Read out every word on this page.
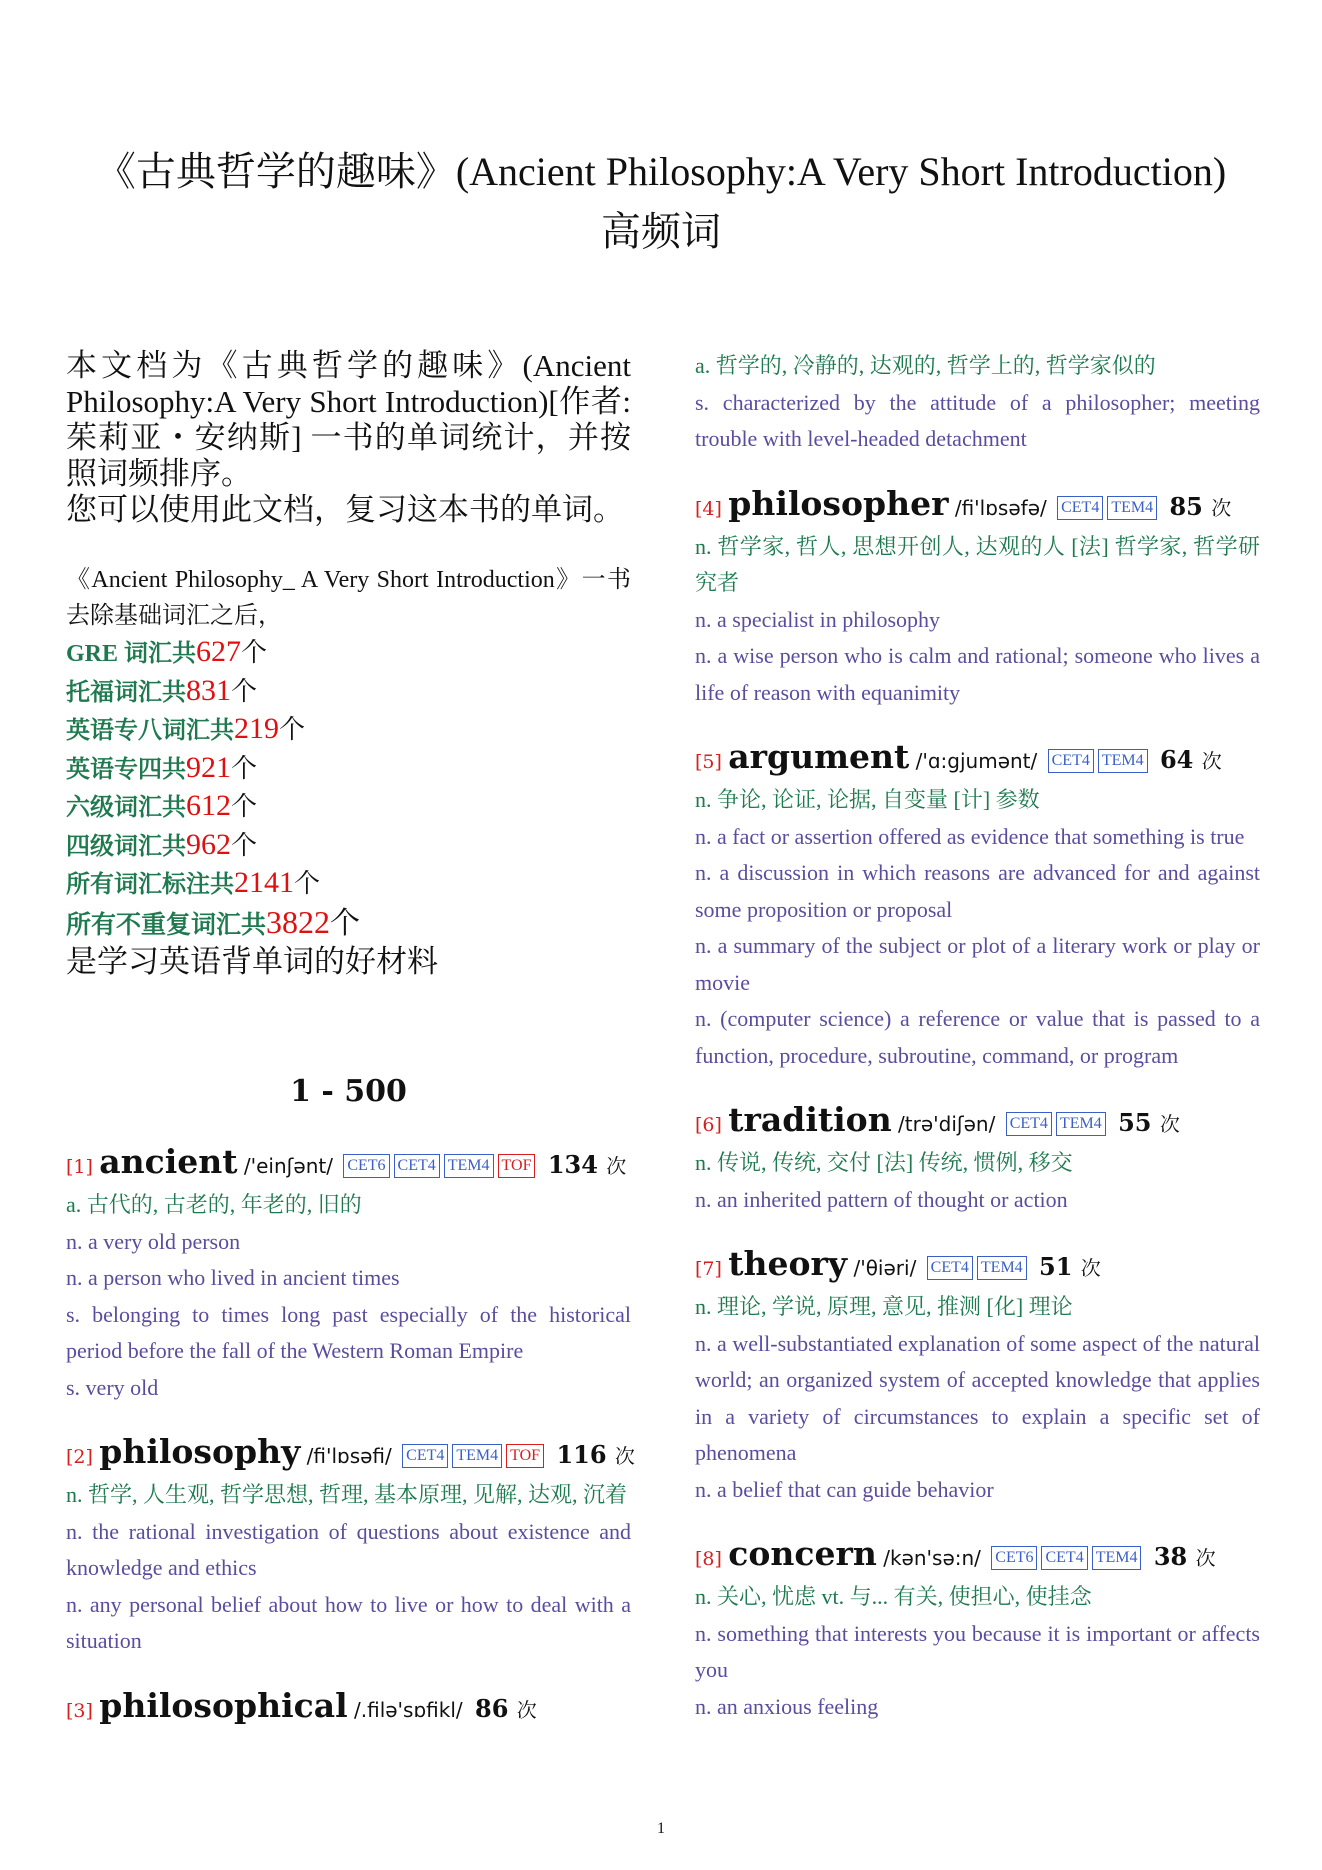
《古典哲学的趣味》(Ancient Philosophy:A Very Short Introduction)
高频词
本文档为《古典哲学的趣味》(Ancient Philosophy:A Very Short Introduction)[作者: 茱莉亚・安纳斯] 一书的单词统计，并按照词频排序。
您可以使用此文档，复习这本书的单词。
《Ancient Philosophy_ A Very Short Introduction》一书去除基础词汇之后，
GRE 词汇共627个
托福词汇共831个
英语专八词汇共219个
英语专四共921个
六级词汇共612个
四级词汇共962个
所有词汇标注共2141个
所有不重复词汇共3822个
是学习英语背单词的好材料
1 - 500
[1] ancient /'einʃənt/ CET6 CET4 TEM4 TOF 134 次
a. 古代的, 古老的, 年老的, 旧的
n. a very old person
n. a person who lived in ancient times
s. belonging to times long past especially of the historical period before the fall of the Western Roman Empire
s. very old
[2] philosophy /fi'lɒsəfi/ CET4 TEM4 TOF 116 次
n. 哲学, 人生观, 哲学思想, 哲理, 基本原理, 见解, 达观, 沉着
n. the rational investigation of questions about existence and knowledge and ethics
n. any personal belief about how to live or how to deal with a situation
[3] philosophical /.filə'sɒfikl/ 86 次
a. 哲学的, 冷静的, 达观的, 哲学上的, 哲学家似的
s. characterized by the attitude of a philosopher; meeting trouble with level-headed detachment
[4] philosopher /fi'lɒsəfə/ CET4 TEM4 85 次
n. 哲学家, 哲人, 思想开创人, 达观的人 [法] 哲学家, 哲学研究者
n. a specialist in philosophy
n. a wise person who is calm and rational; someone who lives a life of reason with equanimity
[5] argument /'ɑ:gjumənt/ CET4 TEM4 64 次
n. 争论, 论证, 论据, 自变量 [计] 参数
n. a fact or assertion offered as evidence that something is true
n. a discussion in which reasons are advanced for and against some proposition or proposal
n. a summary of the subject or plot of a literary work or play or movie
n. (computer science) a reference or value that is passed to a function, procedure, subroutine, command, or program
[6] tradition /trə'diʃən/ CET4 TEM4 55 次
n. 传说, 传统, 交付 [法] 传统, 惯例, 移交
n. an inherited pattern of thought or action
[7] theory /'θiəri/ CET4 TEM4 51 次
n. 理论, 学说, 原理, 意见, 推测 [化] 理论
n. a well-substantiated explanation of some aspect of the natural world; an organized system of accepted knowledge that applies in a variety of circumstances to explain a specific set of phenomena
n. a belief that can guide behavior
[8] concern /kən'sə:n/ CET6 CET4 TEM4 38 次
n. 关心, 忧虑 vt. 与... 有关, 使担心, 使挂念
n. something that interests you because it is important or affects you
n. an anxious feeling
1
